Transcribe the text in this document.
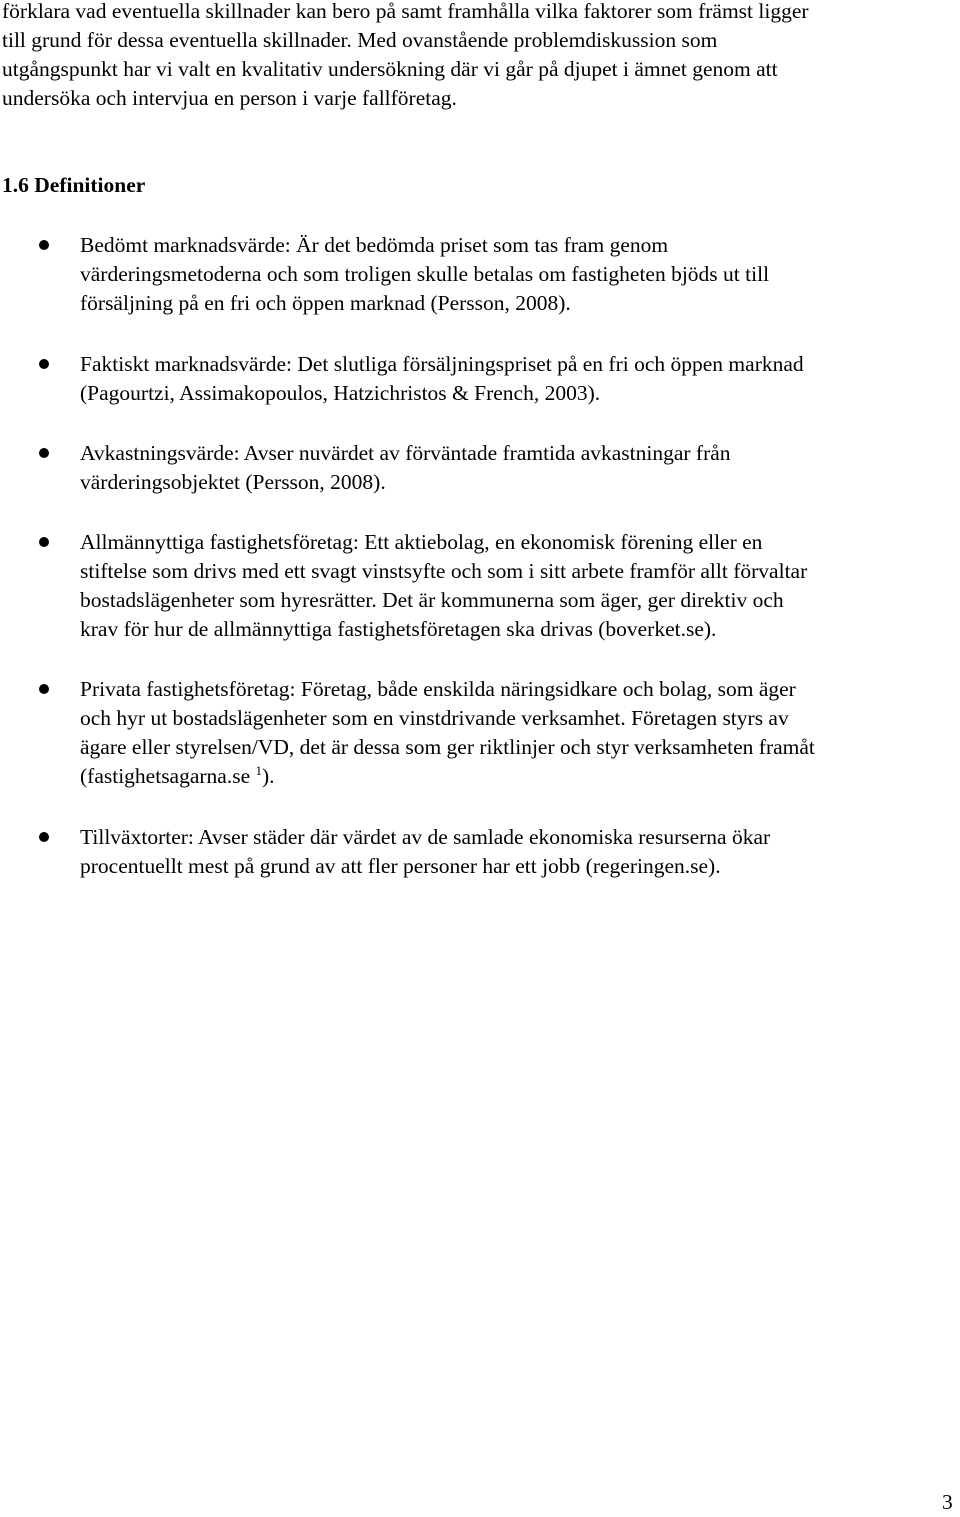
förklara vad eventuella skillnader kan bero på samt framhålla vilka faktorer som främst ligger
till grund för dessa eventuella skillnader. Med ovanstående problemdiskussion som
utgångspunkt har vi valt en kvalitativ undersökning där vi går på djupet i ämnet genom att
undersöka och intervjua en person i varje fallföretag.
1.6 Definitioner
Bedömt marknadsvärde: Är det bedömda priset som tas fram genom
värderingsmetoderna och som troligen skulle betalas om fastigheten bjöds ut till
försäljning på en fri och öppen marknad (Persson, 2008).
Faktiskt marknadsvärde: Det slutliga försäljningspriset på en fri och öppen marknad
(Pagourtzi, Assimakopoulos, Hatzichristos & French, 2003).
Avkastningsvärde: Avser nuvärdet av förväntade framtida avkastningar från
värderingsobjektet (Persson, 2008).
Allmännyttiga fastighetsföretag: Ett aktiebolag, en ekonomisk förening eller en
stiftelse som drivs med ett svagt vinstsyfte och som i sitt arbete framför allt förvaltar
bostadslägenheter som hyresrätter. Det är kommunerna som äger, ger direktiv och
krav för hur de allmännyttiga fastighetsföretagen ska drivas (boverket.se).
Privata fastighetsföretag: Företag, både enskilda näringsidkare och bolag, som äger
och hyr ut bostadslägenheter som en vinstdrivande verksamhet. Företagen styrs av
ägare eller styrelsen/VD, det är dessa som ger riktlinjer och styr verksamheten framåt
(fastighetsagarna.se $^1$).
Tillväxtorter: Avser städer där värdet av de samlade ekonomiska resurserna ökar
procentuellt mest på grund av att fler personer har ett jobb (regeringen.se).
3
